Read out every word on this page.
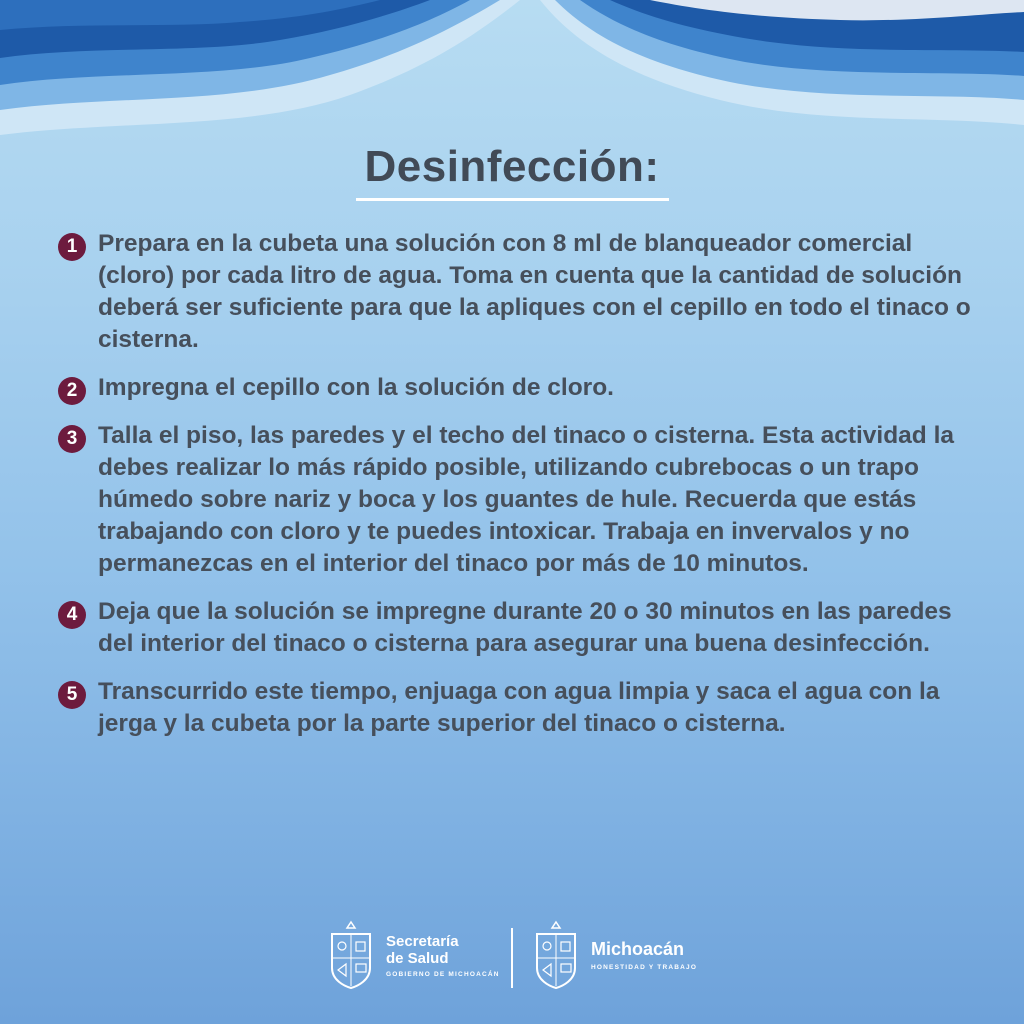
Desinfección:
1 Prepara en la cubeta una solución con 8 ml de blanqueador comercial (cloro) por cada litro de agua. Toma en cuenta que la cantidad de solución deberá ser suficiente para que la apliques con el cepillo en todo el tinaco o cisterna.
2 Impregna el cepillo con la solución de cloro.
3 Talla el piso, las paredes y el techo del tinaco o cisterna. Esta actividad la debes realizar lo más rápido posible, utilizando cubrebocas o un trapo húmedo sobre nariz y boca y los guantes de hule. Recuerda que estás trabajando con cloro y te puedes intoxicar. Trabaja en invervalos y no permanezcas en el interior del tinaco por más de 10 minutos.
4 Deja que la solución se impregne durante 20 o 30 minutos en las paredes del interior del tinaco o cisterna para asegurar una buena desinfección.
5 Transcurrido este tiempo, enjuaga con agua limpia y saca el agua con la jerga y la cubeta por la parte superior del tinaco o cisterna.
Secretaría
de Salud
GOBIERNO DE MICHOACÁN
Michoacán
HONESTIDAD Y TRABAJO
